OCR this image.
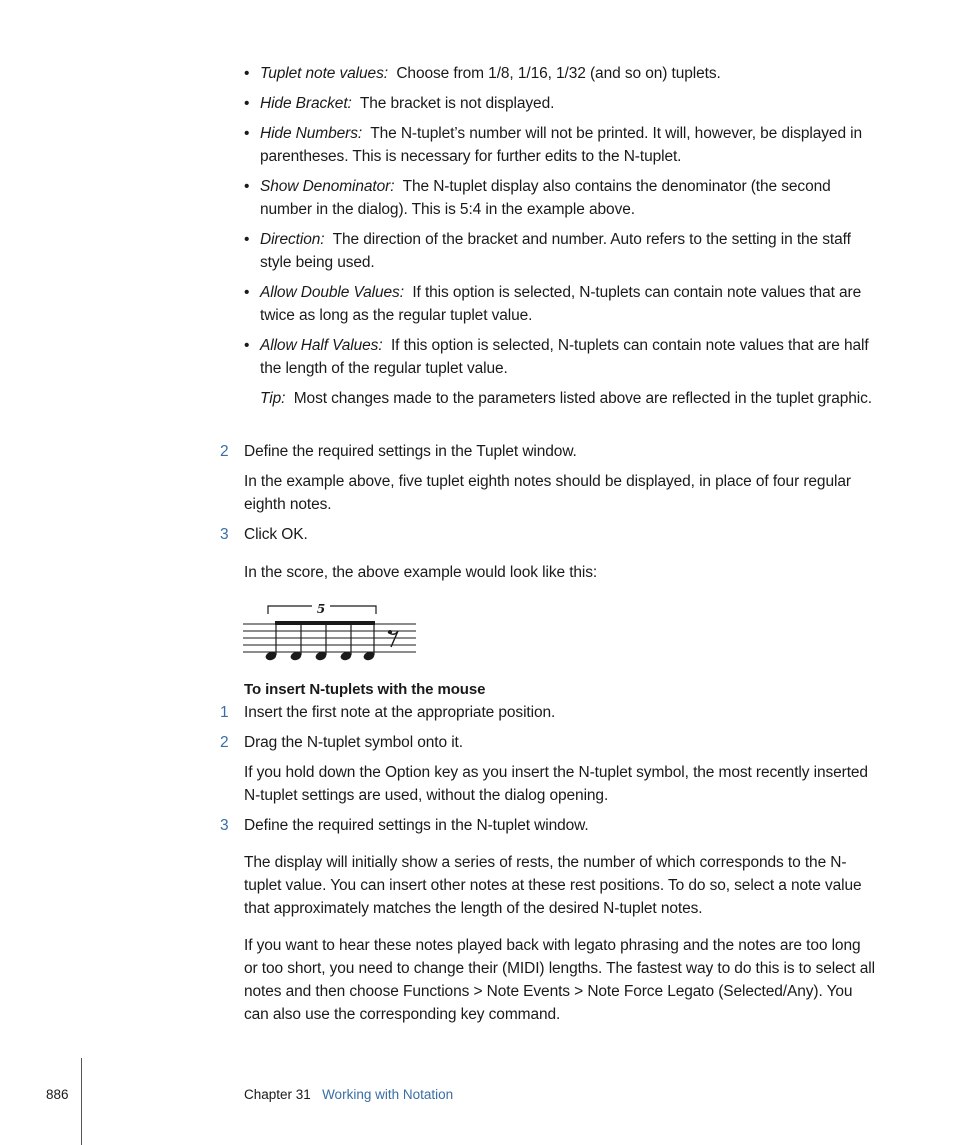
• Tuplet note values: Choose from 1/8, 1/16, 1/32 (and so on) tuplets.
• Hide Bracket: The bracket is not displayed.
• Hide Numbers: The N-tuplet’s number will not be printed. It will, however, be displayed in parentheses. This is necessary for further edits to the N-tuplet.
• Show Denominator: The N-tuplet display also contains the denominator (the second number in the dialog). This is 5:4 in the example above.
• Direction: The direction of the bracket and number. Auto refers to the setting in the staff style being used.
• Allow Double Values: If this option is selected, N-tuplets can contain note values that are twice as long as the regular tuplet value.
• Allow Half Values: If this option is selected, N-tuplets can contain note values that are half the length of the regular tuplet value.
Tip: Most changes made to the parameters listed above are reflected in the tuplet graphic.
2 Define the required settings in the Tuplet window.
In the example above, five tuplet eighth notes should be displayed, in place of four regular eighth notes.
3 Click OK.
In the score, the above example would look like this:
5
To insert N-tuplets with the mouse
1 Insert the first note at the appropriate position.
2 Drag the N-tuplet symbol onto it.
If you hold down the Option key as you insert the N-tuplet symbol, the most recently inserted N-tuplet settings are used, without the dialog opening.
3 Define the required settings in the N-tuplet window.
The display will initially show a series of rests, the number of which corresponds to the N-tuplet value. You can insert other notes at these rest positions. To do so, select a note value that approximately matches the length of the desired N-tuplet notes.
If you want to hear these notes played back with legato phrasing and the notes are too long or too short, you need to change their (MIDI) lengths. The fastest way to do this is to select all notes and then choose Functions > Note Events > Note Force Legato (Selected/Any). You can also use the corresponding key command.
886	Chapter 31 Working with Notation
